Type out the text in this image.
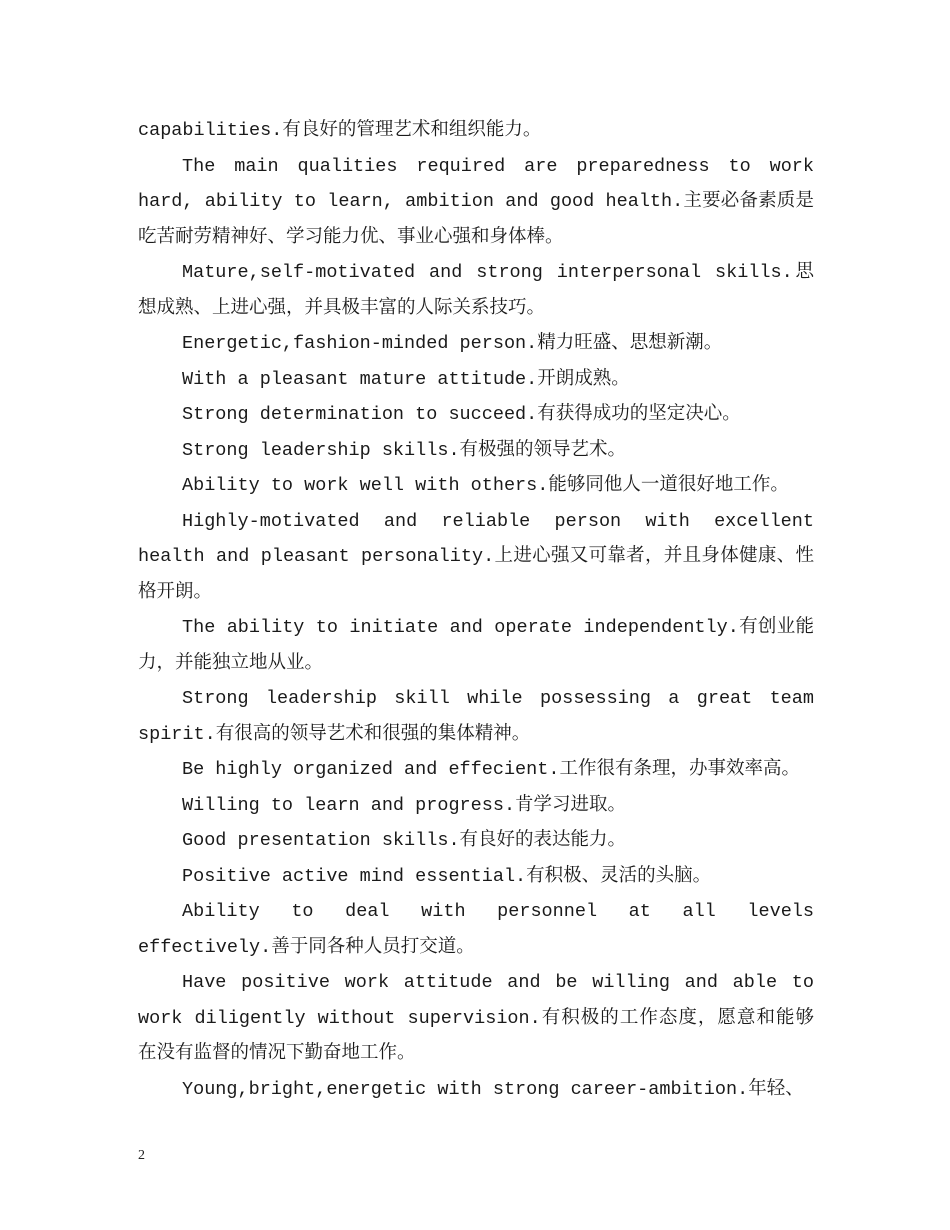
capabilities.有良好的管理艺术和组织能力。

The main qualities required are preparedness to work hard, ability to learn, ambition and good health.主要必备素质是吃苦耐劳精神好、学习能力优、事业心强和身体棒。

Mature,self-motivated and strong interpersonal skills.思想成熟、上进心强，并具极丰富的人际关系技巧。

Energetic,fashion-minded person.精力旺盛、思想新潮。

With a pleasant mature attitude.开朗成熟。

Strong determination to succeed.有获得成功的坚定决心。

Strong leadership skills.有极强的领导艺术。

Ability to work well with others.能够同他人一道很好地工作。

Highly-motivated and reliable person with excellent health and pleasant personality.上进心强又可靠者，并且身体健康、性格开朗。

The ability to initiate and operate independently.有创业能力，并能独立地从业。

Strong leadership skill while possessing a great team spirit.有很高的领导艺术和很强的集体精神。

Be highly organized and effecient.工作很有条理，办事效率高。

Willing to learn and progress.肯学习进取。

Good presentation skills.有良好的表达能力。

Positive active mind essential.有积极、灵活的头脑。

Ability to deal with personnel at all levels effectively.善于同各种人员打交道。

Have positive work attitude and be willing and able to work diligently without supervision.有积极的工作态度，愿意和能够在没有监督的情况下勤奋地工作。

Young,bright,energetic with strong career-ambition.年轻、

2
